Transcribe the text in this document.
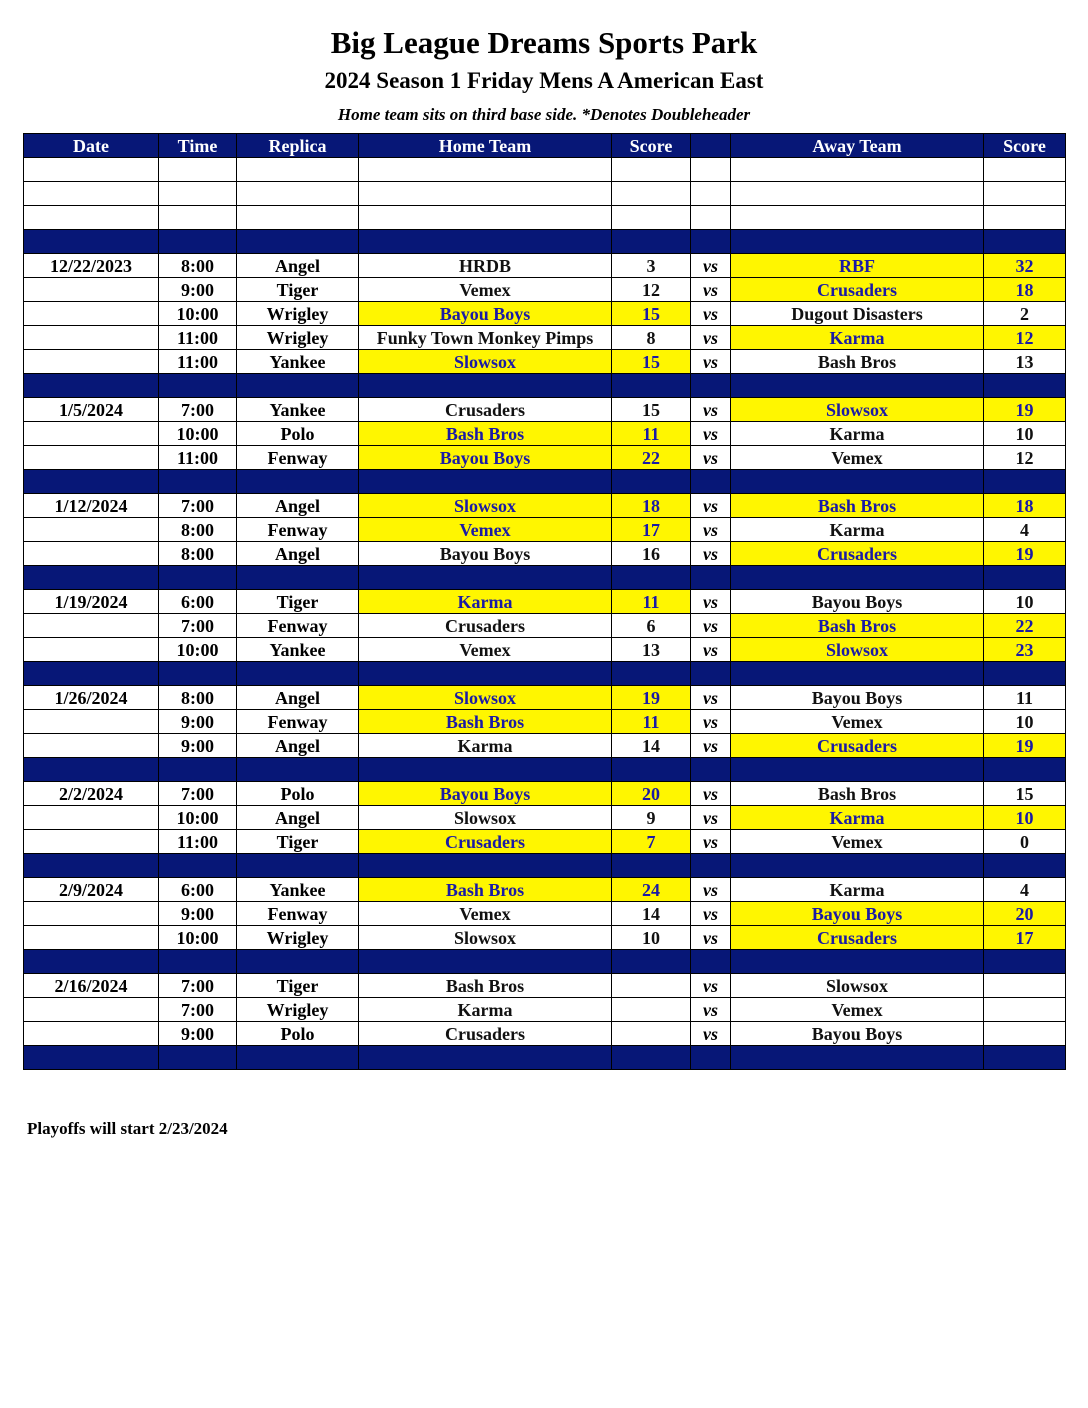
Big League Dreams Sports Park
2024 Season 1 Friday Mens A American East
Home team sits on third base side. *Denotes Doubleheader
Date	Time	Replica	Home Team	Score		Away Team	Score

12/22/2023	8:00	Angel	HRDB	3	vs	RBF	32
	9:00	Tiger	Vemex	12	vs	Crusaders	18
	10:00	Wrigley	Bayou Boys	15	vs	Dugout Disasters	2
	11:00	Wrigley	Funky Town Monkey Pimps	8	vs	Karma	12
	11:00	Yankee	Slowsox	15	vs	Bash Bros	13

1/5/2024	7:00	Yankee	Crusaders	15	vs	Slowsox	19
	10:00	Polo	Bash Bros	11	vs	Karma	10
	11:00	Fenway	Bayou Boys	22	vs	Vemex	12

1/12/2024	7:00	Angel	Slowsox	18	vs	Bash Bros	18
	8:00	Fenway	Vemex	17	vs	Karma	4
	8:00	Angel	Bayou Boys	16	vs	Crusaders	19

1/19/2024	6:00	Tiger	Karma	11	vs	Bayou Boys	10
	7:00	Fenway	Crusaders	6	vs	Bash Bros	22
	10:00	Yankee	Vemex	13	vs	Slowsox	23

1/26/2024	8:00	Angel	Slowsox	19	vs	Bayou Boys	11
	9:00	Fenway	Bash Bros	11	vs	Vemex	10
	9:00	Angel	Karma	14	vs	Crusaders	19

2/2/2024	7:00	Polo	Bayou Boys	20	vs	Bash Bros	15
	10:00	Angel	Slowsox	9	vs	Karma	10
	11:00	Tiger	Crusaders	7	vs	Vemex	0

2/9/2024	6:00	Yankee	Bash Bros	24	vs	Karma	4
	9:00	Fenway	Vemex	14	vs	Bayou Boys	20
	10:00	Wrigley	Slowsox	10	vs	Crusaders	17

2/16/2024	7:00	Tiger	Bash Bros		vs	Slowsox	
	7:00	Wrigley	Karma		vs	Vemex	
	9:00	Polo	Crusaders		vs	Bayou Boys	

Playoffs will start 2/23/2024
